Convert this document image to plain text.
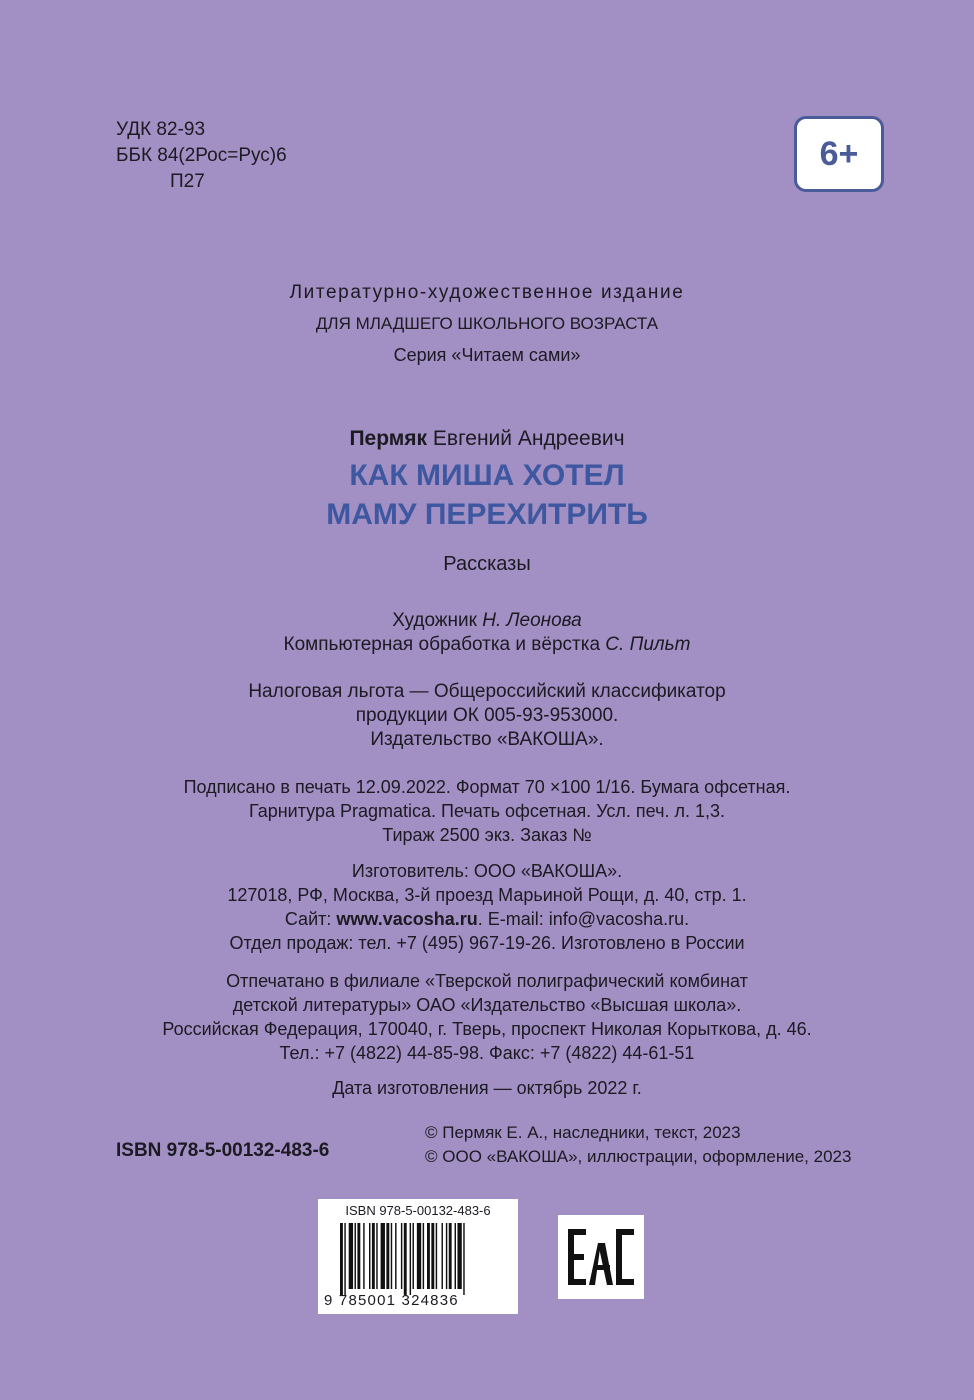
УДК 82-93
ББК 84(2Рос=Рус)6
П27
6+
Литературно-художественное издание
ДЛЯ МЛАДШЕГО ШКОЛЬНОГО ВОЗРАСТА
Серия «Читаем сами»
Пермяк Евгений Андреевич
КАК МИША ХОТЕЛ
МАМУ ПЕРЕХИТРИТЬ
Рассказы
Художник Н. Леонова
Компьютерная обработка и вёрстка С. Пильт
Налоговая льгота — Общероссийский классификатор
продукции ОК 005-93-953000.
Издательство «ВАКОША».
Подписано в печать 12.09.2022. Формат 70 ×100 1/16. Бумага офсетная.
Гарнитура Pragmatica. Печать офсетная. Усл. печ. л. 1,3.
Тираж 2500 экз. Заказ №
Изготовитель: ООО «ВАКОША».
127018, РФ, Москва, 3-й проезд Марьиной Рощи, д. 40, стр. 1.
Сайт: www.vacosha.ru. E-mail: info@vacosha.ru.
Отдел продаж: тел. +7 (495) 967-19-26. Изготовлено в России
Отпечатано в филиале «Тверской полиграфический комбинат
детской литературы» ОАО «Издательство «Высшая школа».
Российская Федерация, 170040, г. Тверь, проспект Николая Корыткова, д. 46.
Тел.: +7 (4822) 44-85-98. Факс: +7 (4822) 44-61-51
Дата изготовления — октябрь 2022 г.
ISBN 978-5-00132-483-6
© Пермяк Е. А., наследники, текст, 2023
© ООО «ВАКОША», иллюстрации, оформление, 2023
ISBN 978-5-00132-483-6
9 785001 324836
